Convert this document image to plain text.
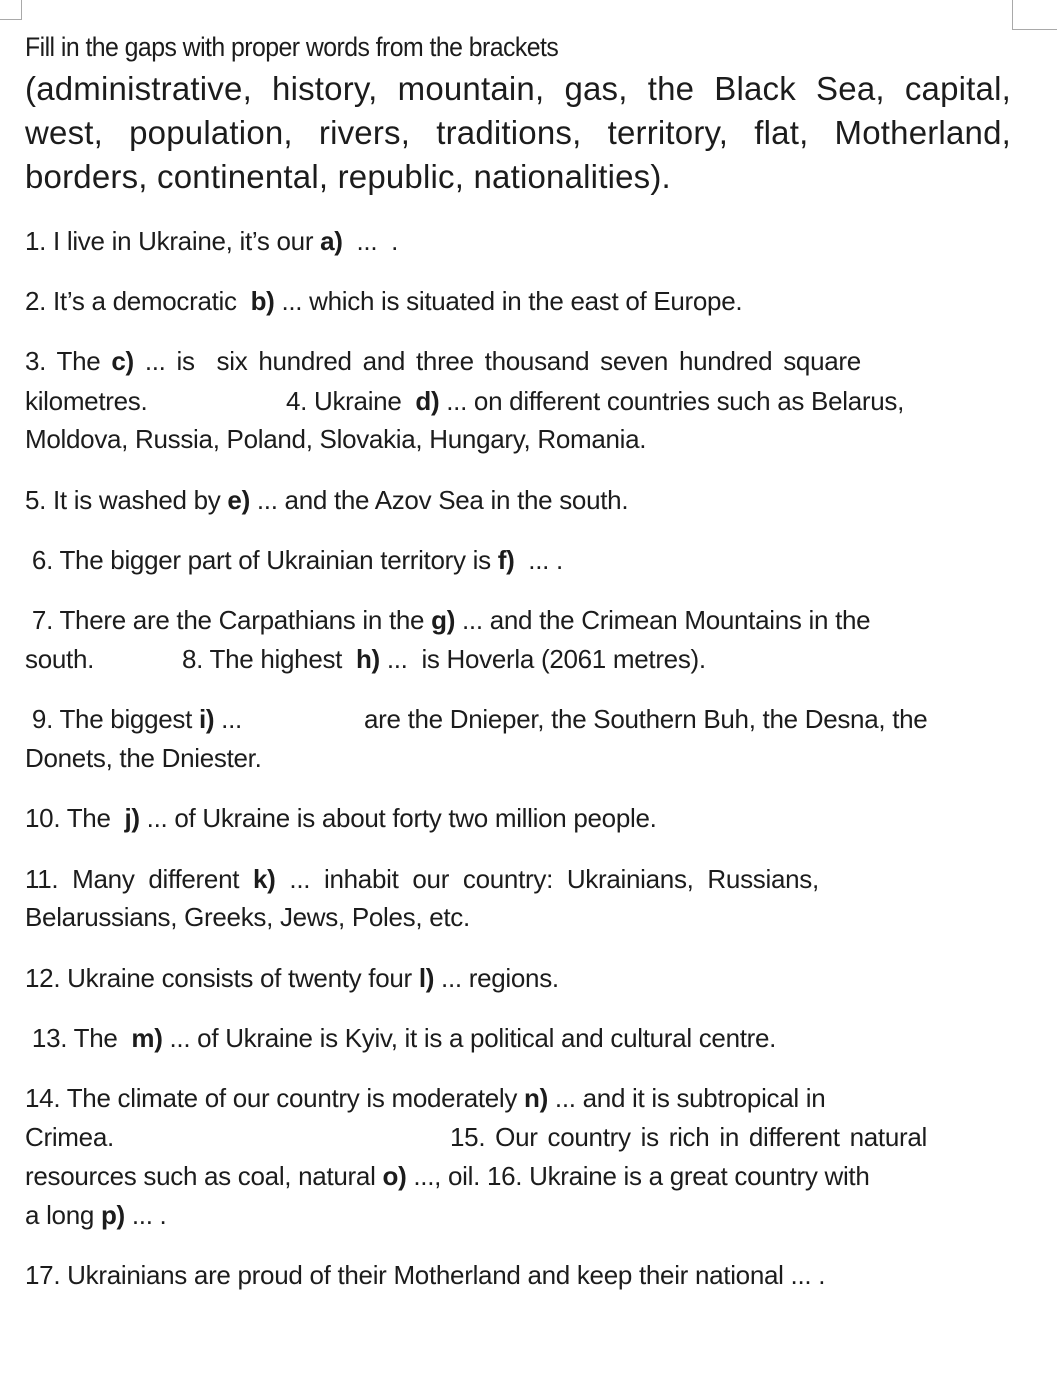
Fill in the gaps with proper words from the brackets
(administrative, history, mountain, gas, the Black Sea, capital,
west, population, rivers, traditions, territory, flat, Motherland,
borders, continental, republic, nationalities).
1. I live in Ukraine, it’s our a)  ...  .
2. It’s a democratic  b) ... which is situated in the east of Europe.
3. The c) ... is  six hundred and three thousand seven hundred square
kilometres.	4. Ukraine  d) ... on different countries such as Belarus,
Moldova, Russia, Poland, Slovakia, Hungary, Romania.
5. It is washed by e) ... and the Azov Sea in the south.
6. The bigger part of Ukrainian territory is f)  ... .
7. There are the Carpathians in the g) ... and the Crimean Mountains in the
south.	8. The highest  h) ...  is Hoverla (2061 metres).
9. The biggest i) ...	are the Dnieper, the Southern Buh, the Desna, the
Donets, the Dniester.
10. The  j) ... of Ukraine is about forty two million people.
11.  Many  different  k)  ...  inhabit  our  country:  Ukrainians,  Russians,
Belarussians, Greeks, Jews, Poles, etc.
12. Ukraine consists of twenty four l) ... regions.
13. The  m) ... of Ukraine is Kyiv, it is a political and cultural centre.
14. The climate of our country is moderately n) ... and it is subtropical in
Crimea.	15. Our country is rich in different natural
resources such as coal, natural o) ..., oil. 16. Ukraine is a great country with
a long p) ... .
17. Ukrainians are proud of their Motherland and keep their national ... .
